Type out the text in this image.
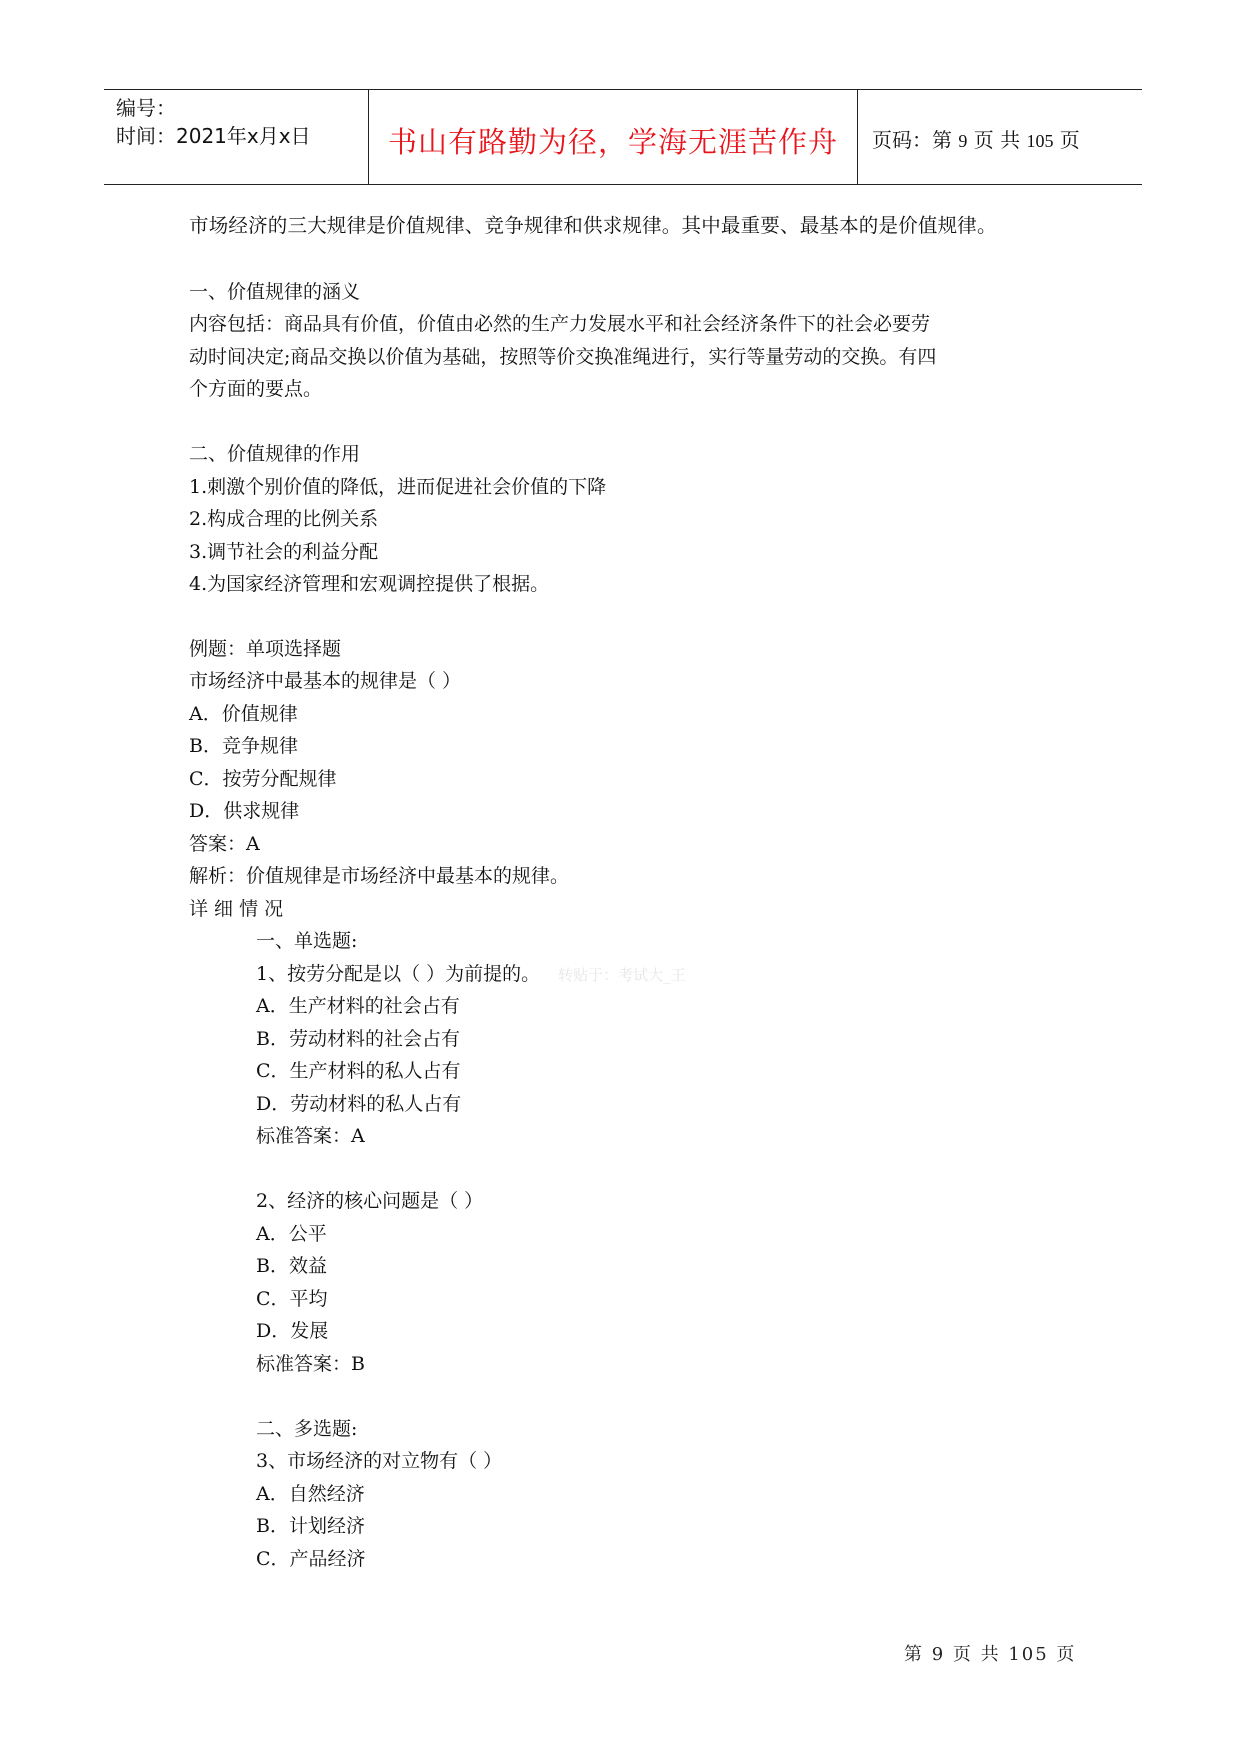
编号：
时间：2021年x月x日	书山有路勤为径，学海无涯苦作舟	页码：第 9 页 共 105 页
市场经济的三大规律是价值规律、竞争规律和供求规律。其中最重要、最基本的是价值规律。
一、价值规律的涵义
内容包括：商品具有价值，价值由必然的生产力发展水平和社会经济条件下的社会必要劳
动时间决定;商品交换以价值为基础，按照等价交换准绳进行，实行等量劳动的交换。有四
个方面的要点。
二、价值规律的作用
1.刺激个别价值的降低，进而促进社会价值的下降
2.构成合理的比例关系
3.调节社会的利益分配
4.为国家经济管理和宏观调控提供了根据。
例题：单项选择题
市场经济中最基本的规律是（ ）
A．价值规律
B．竞争规律
C．按劳分配规律
D．供求规律
答案：A
解析：价值规律是市场经济中最基本的规律。
详 细 情 况
一、单选题:
1、按劳分配是以（ ）为前提的。 转贴于：考试大_王
A．生产材料的社会占有
B．劳动材料的社会占有
C．生产材料的私人占有
D．劳动材料的私人占有
标准答案：A
2、经济的核心问题是（ ）
A．公平
B．效益
C．平均
D．发展
标准答案：B
二、多选题:
3、市场经济的对立物有（ ）
A．自然经济
B．计划经济
C．产品经济
第 9 页 共 105 页
